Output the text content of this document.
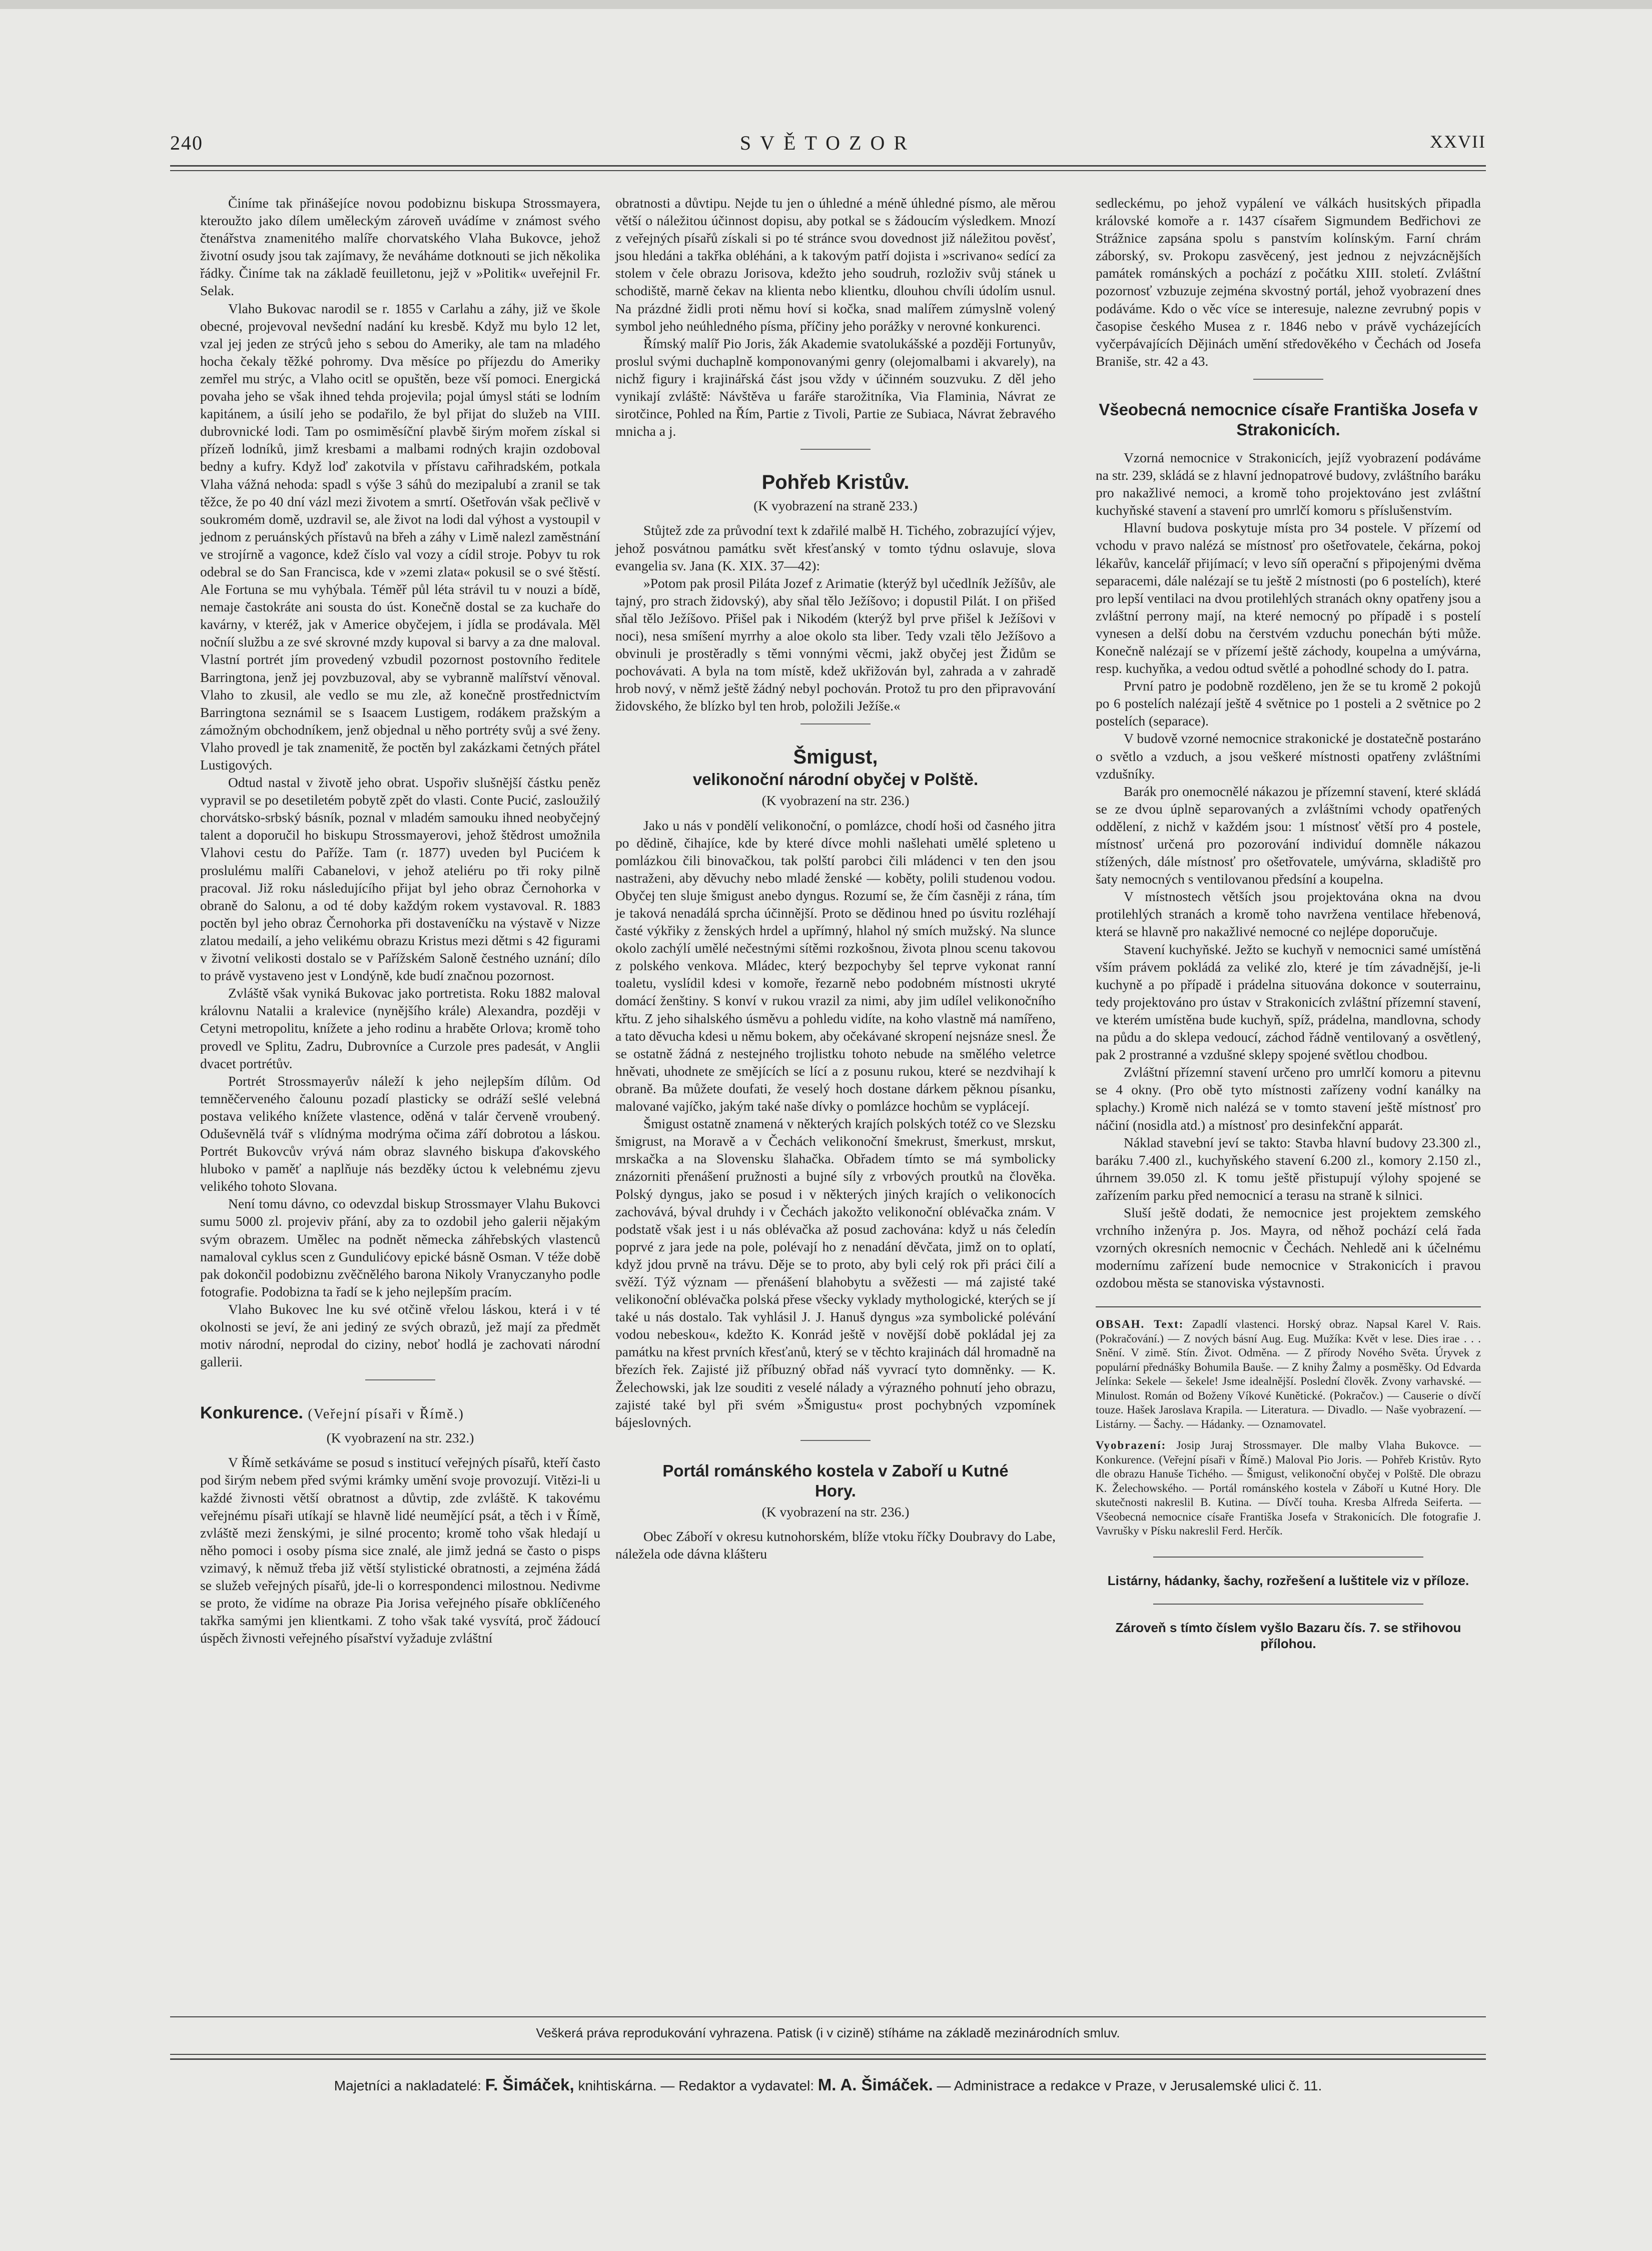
240	SVĚTOZOR	XXVII

Činíme tak přinášejíce novou podobiznu biskupa Strossmayera, kteroužto jako dílem uměleckým zároveň uvádíme v známost svého čtenářstva znamenitého malíře chorvatského Vlaha Bukovce, jehož životní osudy jsou tak zajímavy, že neváháme dotknouti se jich několika řádky. Činíme tak na základě feuilletonu, jejž v »Politik« uveřejnil Fr. Selak.

Vlaho Bukovac narodil se r. 1855 v Carlahu a záhy, již ve škole obecné, projevoval nevšední nadání ku kresbě. Když mu bylo 12 let, vzal jej jeden ze strýců jeho s sebou do Ameriky, ale tam na mladého hocha čekaly těžké pohromy. Dva měsíce po příjezdu do Ameriky zemřel mu strýc, a Vlaho ocitl se opuštěn, beze vší pomoci. Energická povaha jeho se však ihned tehda projevila; pojal úmysl státi se lodním kapitánem, a úsilí jeho se podařilo, že byl přijat do služeb na VIII. dubrovnické lodi. Tam po osmiměsíční plavbě širým mořem získal si přízeň lodníků, jimž kresbami a malbami rodných krajin ozdoboval bedny a kufry. Když loď zakotvila v přístavu cařihradském, potkala Vlaha vážná nehoda: spadl s výše 3 sáhů do mezipalubí a zranil se tak těžce, že po 40 dní vázl mezi životem a smrtí. Ošetřován však pečlivě v soukromém domě, uzdravil se, ale život na lodi dal výhost a vystoupil v jednom z peruánských přístavů na břeh a záhy v Limě nalezl zaměstnání ve strojírně a vagonce, kdež číslo val vozy a cídil stroje. Pobyv tu rok odebral se do San Francisca, kde v »zemi zlata« pokusil se o své štěstí. Ale Fortuna se mu vyhýbala. Téměř půl léta strávil tu v nouzi a bídě, nemaje častokráte ani sousta do úst. Konečně dostal se za kuchaře do kavárny, v kteréž, jak v Americe obyčejem, i jídla se prodávala. Měl nočníí službu a ze své skrovné mzdy kupoval si barvy a za dne maloval. Vlastní portrét jím provedený vzbudil pozornost postovního ředitele Barringtona, jenž jej povzbuzoval, aby se vybranně malířství věnoval. Vlaho to zkusil, ale vedlo se mu zle, až konečně prostřednictvím Barringtona seznámil se s Isaacem Lustigem, rodákem pražským a zámožným obchodníkem, jenž objednal u něho portréty svůj a své ženy. Vlaho provedl je tak znamenitě, že poctěn byl zakázkami četných přátel Lustigových.

Odtud nastal v životě jeho obrat. Uspořiv slušnější částku peněz vypravil se po desetiletém pobytě zpět do vlasti. Conte Pucić, zasloužilý chorvátsko-srbský básník, poznal v mladém samouku ihned neobyčejný talent a doporučil ho biskupu Strossmayerovi, jehož štědrost umožnila Vlahovi cestu do Paříže. Tam (r. 1877) uveden byl Pucićem k proslulému malíři Cabanelovi, v jehož ateliéru po tři roky pilně pracoval. Již roku následujícího přijat byl jeho obraz Černohorka v obraně do Salonu, a od té doby každým rokem vystavoval. R. 1883 poctěn byl jeho obraz Černohorka při dostaveníčku na výstavě v Nizze zlatou medailí, a jeho velikému obrazu Kristus mezi dětmi s 42 figurami v životní velikosti dostalo se v Pařížském Saloně čestného uznání; dílo to právě vystaveno jest v Londýně, kde budí značnou pozornost.

Zvláště však vyniká Bukovac jako portretista. Roku 1882 maloval královnu Natalii a kralevice (nynějšího krále) Alexandra, později v Cetyni metropolitu, knížete a jeho rodinu a hraběte Orlova; kromě toho provedl ve Splitu, Zadru, Dubrovníce a Curzole pres padesát, v Anglii dvacet portrétův.

Portrét Strossmayerův náleží k jeho nejlepším dílům. Od temněčerveného čalounu pozadí plasticky se odráží sešlé velebná postava velikého knížete vlastence, oděná v talár červeně vroubený. Oduševnělá tvář s vlídnýma modrýma očima září dobrotou a láskou. Portrét Bukovcův vrývá nám obraz slavného biskupa ďakovského hluboko v paměť a naplňuje nás bezděky úctou k velebnému zjevu velikého tohoto Slovana.

Není tomu dávno, co odevzdal biskup Strossmayer Vlahu Bukovci sumu 5000 zl. projeviv přání, aby za to ozdobil jeho galerii nějakým svým obrazem. Umělec na podnět německa záhřebských vlastenců namaloval cyklus scen z Gundulićovy epické básně Osman. V téže době pak dokončil podobiznu zvěčnělého barona Nikoly Vranyczanyho podle fotografie. Podobizna ta řadí se k jeho nejlepším pracím.

Vlaho Bukovec lne ku své otčině vřelou láskou, která i v té okolnosti se jeví, že ani jediný ze svých obrazů, jež mají za předmět motiv národní, neprodal do ciziny, neboť hodlá je zachovati národní gallerii.

Konkurence. (Veřejní písaři v Římě.)

(K vyobrazení na str. 232.)

V Římě setkáváme se posud s institucí veřejných písařů, kteří často pod širým nebem před svými krámky umění svoje provozují. Vitězi-li u každé živnosti větší obratnost a důvtip, zde zvláště. K takovému veřejnému písaři utíkají se hlavně lidé neumějící psát, a těch i v Římě, zvláště mezi ženskými, je silné procento; kromě toho však hledají u něho pomoci i osoby písma sice znalé, ale jimž jedná se často o pisps vzimavý, k němuž třeba již větší stylistické obratnosti, a zejména žádá se služeb veřejných písařů, jde-li o korrespondenci milostnou. Nedivme se proto, že vidíme na obraze Pia Jorisa veřejného písaře obklíčeného takřka samými jen klientkami. Z toho však také vysvítá, proč žádoucí úspěch živnosti veřejného písařství vyžaduje zvláštní

obratnosti a důvtipu. Nejde tu jen o úhledné a méně úhledné písmo, ale měrou větší o náležitou účinnost dopisu, aby potkal se s žádoucím výsledkem. Mnozí z veřejných písařů získali si po té stránce svou dovednost již náležitou pověsť, jsou hledáni a takřka obléháni, a k takovým patří dojista i »scrivano« sedící za stolem v čele obrazu Jorisova, kdežto jeho soudruh, rozloživ svůj stánek u schodiště, marně čekav na klienta nebo klientku, dlouhou chvíli údolím usnul. Na prázdné židli proti němu hoví si kočka, snad malířem zúmyslně volený symbol jeho neúhledného písma, příčiny jeho porážky v nerovné konkurenci.

Římský malíř Pio Joris, žák Akademie svatolukášské a později Fortunyův, proslul svými duchaplně komponovanými genry (olejomalbami i akvarely), na nichž figury i krajinářská část jsou vždy v účinném souzvuku. Z děl jeho vynikají zvláště: Návštěva u faráře starožitníka, Via Flaminia, Návrat ze sirotčince, Pohled na Řím, Partie z Tivoli, Partie ze Subiaca, Návrat žebravého mnicha a j.

Pohřeb Kristův.

(K vyobrazení na straně 233.)

Stůjtež zde za průvodní text k zdařilé malbě H. Tichého, zobrazující výjev, jehož posvátnou památku svět křesťanský v tomto týdnu oslavuje, slova evangelia sv. Jana (K. XIX. 37—42):

»Potom pak prosil Piláta Jozef z Arimatie (kterýž byl učedlník Ježíšův, ale tajný, pro strach židovský), aby sňal tělo Ježíšovo; i dopustil Pilát. I on přišed sňal tělo Ježíšovo. Přišel pak i Nikodém (kterýž byl prve přišel k Ježíšovi v noci), nesa smíšení myrrhy a aloe okolo sta liber. Tedy vzali tělo Ježíšovo a obvinuli je prostěradly s těmi vonnými věcmi, jakž obyčej jest Židům se pochovávati. A byla na tom místě, kdež ukřižován byl, zahrada a v zahradě hrob nový, v němž ještě žádný nebyl pochován. Protož tu pro den připravování židovského, že blízko byl ten hrob, položili Ježíše.«

Šmigust,
velikonoční národní obyčej v Polště.

(K vyobrazení na str. 236.)

Jako u nás v pondělí velikonoční, o pomlázce, chodí hoši od časného jitra po dědině, čihajíce, kde by které dívce mohli našlehati umělé spleteno u pomlázkou čili binovačkou, tak polští parobci čili mládenci v ten den jsou nastraženi, aby děvuchy nebo mladé ženské — koběty, polili studenou vodou. Obyčej ten sluje šmigust anebo dyngus. Rozumí se, že čím časněji z rána, tím je taková nenadálá sprcha účinnější. Proto se dědinou hned po úsvitu rozléhají časté výkřiky z ženských hrdel a upřímný, hlahol ný smích mužský. Na slunce okolo zachýlí umělé nečestnými sítěmi rozkošnou, života plnou scenu takovou z polského venkova. Mládec, který bezpochyby šel teprve vykonat ranní toaletu, vyslídil kdesi v komoře, řezarně nebo podobném místnosti ukryté domácí ženštiny. S konví v rukou vrazil za nimi, aby jim udílel velikonočního křtu. Z jeho sihalského úsměvu a pohledu vidíte, na koho vlastně má namířeno, a tato děvucha kdesi u němu bokem, aby očekávané skropení nejsnáze snesl. Že se ostatně žádná z nestejného trojlistku tohoto nebude na smělého veletrce hněvati, uhodnete ze smějících se lící a z posunu rukou, které se nezdvihají k obraně. Ba můžete doufati, že veselý hoch dostane dárkem pěknou písanku, malované vajíčko, jakým také naše dívky o pomlázce hochům se vyplácejí.

Šmigust ostatně znamená v některých krajích polských totéž co ve Slezsku šmigrust, na Moravě a v Čechách velikonoční šmekrust, šmerkust, mrskut, mrskačka a na Slovensku šlahačka. Obřadem tímto se má symbolicky znázorniti přenášení pružnosti a bujné síly z vrbových proutků na člověka. Polský dyngus, jako se posud i v některých jiných krajích o velikonocích zachovává, býval druhdy i v Čechách jakožto velikonoční oblévačka znám. V podstatě však jest i u nás oblévačka až posud zachována: když u nás čeledín poprvé z jara jede na pole, polévají ho z nenadání děvčata, jimž on to oplatí, když jdou prvně na trávu. Děje se to proto, aby byli celý rok při práci čilí a svěží. Týž význam — přenášení blahobytu a svěžesti — má zajisté také velikonoční oblévačka polská přese všecky vyklady mythologické, kterých se jí také u nás dostalo. Tak vyhlásil J. J. Hanuš dyngus »za symbolické polévání vodou nebeskou«, kdežto K. Konrád ještě v novější době pokládal jej za památku na křest prvních křesťanů, který se v těchto krajinách dál hromadně na březích řek. Zajisté již příbuzný obřad náš vyvrací tyto domněnky. — K. Želechowski, jak lze souditi z veselé nálady a výrazného pohnutí jeho obrazu, zajisté také byl při svém »Šmigustu« prost pochybných vzpomínek bájeslovných.

Portál románského kostela v Zaboří u Kutné Hory.

(K vyobrazení na str. 236.)

Obec Záboří v okresu kutnohorském, blíže vtoku říčky Doubravy do Labe, náleželа ode dávna klášteru

sedleckému, po jehož vypálení ve válkách husitských připadla královské komoře a r. 1437 císařem Sigmundem Bedřichovi ze Strážnice zapsána spolu s panstvím kolínským. Farní chrám záborský, sv. Prokopu zasvěcený, jest jednou z nejvzácnějších památek románských a pochází z počátku XIII. století. Zvláštní pozornosť vzbuzuje zejména skvostný portál, jehož vyobrazení dnes podáváme. Kdo o věc více se interesuje, nalezne zevrubný popis v časopise českého Musea z r. 1846 nebo v právě vycházejících vyčerpávajících Dějinách umění středověkého v Čechách od Josefa Braniše, str. 42 a 43.

Všeobecná nemocnice císaře Františka Josefa v Strakonicích.

Vzorná nemocnice v Strakonicích, jejíž vyobrazení podáváme na str. 239, skládá se z hlavní jednopatrové budovy, zvláštního baráku pro nakažlivé nemoci, a kromě toho projektováno jest zvláštní kuchyňské stavení a stavení pro umrlčí komoru s příslušenstvím.

Hlavní budova poskytuje místa pro 34 postele. V přízemí od vchodu v pravo nalézá se místnosť pro ošetřovatele, čekárna, pokoj lékařův, kancelář přijímací; v levo síň operační s připojenými dvěma separacemi, dále nalézají se tu ještě 2 místnosti (po 6 postelích), které pro lepší ventilaci na dvou protilehlých stranách okny opatřeny jsou a zvláštní perrony mají, na které nemocný po případě i s postelí vynesen a delší dobu na čerstvém vzduchu ponechán býti může. Konečně nalézají se v přízemí ještě záchody, koupelna a umývárna, resp. kuchyňka, a vedou odtud světlé a pohodlné schody do I. patra.

První patro je podobně rozděleno, jen že se tu kromě 2 pokojů po 6 postelích nalézají ještě 4 světnice po 1 posteli a 2 světnice po 2 postelích (separace).

V budově vzorné nemocnice strakonické je dostatečně postaráno o světlo a vzduch, a jsou veškeré místnosti opatřeny zvláštními vzdušníky.

Barák pro onemocnělé nákazou je přízemní stavení, které skládá se ze dvou úplně separovaných a zvláštními vchody opatřených oddělení, z nichž v každém jsou: 1 místnosť větší pro 4 postele, místnosť určená pro pozorování individuí domněle nákazou stížených, dále místnosť pro ošetřovatele, umývárna, skladiště pro šaty nemocných s ventilovanou předsíní a koupelna.

V místnostech větších jsou projektována okna na dvou protilehlých stranách a kromě toho navržena ventilace hřebenová, která se hlavně pro nakažlivé nemocné co nejlépe doporučuje.

Stavení kuchyňské. Ježto se kuchyň v nemocnici samé umístěná vším právem pokládá za veliké zlo, které je tím závadnější, je-li kuchyně a po případě i prádelna situována dokonce v souterrainu, tedy projektováno pro ústav v Strakonicích zvláštní přízemní stavení, ve kterém umístěna bude kuchyň, spíž, prádelna, mandlovna, schody na půdu a do sklepa vedoucí, záchod řádně ventilovaný a osvětlený, pak 2 prostranné a vzdušné sklepy spojené světlou chodbou.

Zvláštní přízemní stavení určeno pro umrlčí komoru a pitevnu se 4 okny. (Pro obě tyto místnosti zařízeny vodní kanálky na splachy.) Kromě nich nalézá se v tomto stavení ještě místnosť pro náčiní (nosidla atd.) a místnosť pro desinfekční apparát.

Náklad stavební jeví se takto: Stavba hlavní budovy 23.300 zl., baráku 7.400 zl., kuchyňského stavení 6.200 zl., komory 2.150 zl., úhrnem 39.050 zl. K tomu ještě přistupují výlohy spojené se zařízením parku před nemocnicí a terasu na straně k silnici.

Sluší ještě dodati, že nemocnice jest projektem zemského vrchního inženýra p. Jos. Mayra, od něhož pochází celá řada vzorných okresních nemocnic v Čechách. Nehledě ani k účelnému modernímu zařízení bude nemocnice v Strakonicích i pravou ozdobou města se stanoviska výstavnosti.

OBSAH. Text: Zapadlí vlastenci. Horský obraz. Napsal Karel V. Rais. (Pokračování.) — Z nových básní Aug. Eug. Mužíka: Květ v lese. Dies irae . . . Snění. V zimě. Stín. Život. Odměna. — Z přírody Nového Světa. Úryvek z populární přednášky Bohumila Bauše. — Z knihy Žalmy a posměšky. Od Edvarda Jelínka: Sekele — šekele! Jsme idealnější. Poslední člověk. Zvony varhavské. — Minulost. Román od Boženy Víkové Kunětické. (Pokračov.) — Causerie o dívčí touze. Hašek Jaroslava Krapila. — Literatura. — Divadlo. — Naše vyobrazení. — Listárny. — Šachy. — Hádanky. — Oznamovatel.

Vyobrazení: Josip Juraj Strossmayer. Dle malby Vlaha Bukovce. — Konkurence. (Veřejní písaři v Římě.) Maloval Pio Joris. — Pohřeb Kristův. Rytо dle obrazu Hanuše Tichého. — Šmigust, velikonoční obyčej v Polště. Dle obrazu K. Želechowského. — Portál románského kostela v Záboří u Kutné Hory. Dle skutečnosti nakreslil B. Kutina. — Dívčí touha. Kresba Alfreda Seiferta. — Všeobecná nemocnice císaře Františka Josefa v Strakonicích. Dle fotografie J. Vavrušky v Písku nakreslil Ferd. Herčík.

Listárny, hádanky, šachy, rozřešení a luštitele viz v příloze.
Zároveň s tímto číslem vyšlo Bazaru čís. 7. se střihovou přílohou.
Veškerá práva reprodukování vyhrazena. Patisk (i v cizině) stíháme na základě mezinárodních smluv.
Majetníci a nakladatelé: F. Šimáček, knihtiskárna. — Redaktor a vydavatel: M. A. Šimáček. — Administrace a redakce v Praze, v Jerusalemské ulici č. 11.
